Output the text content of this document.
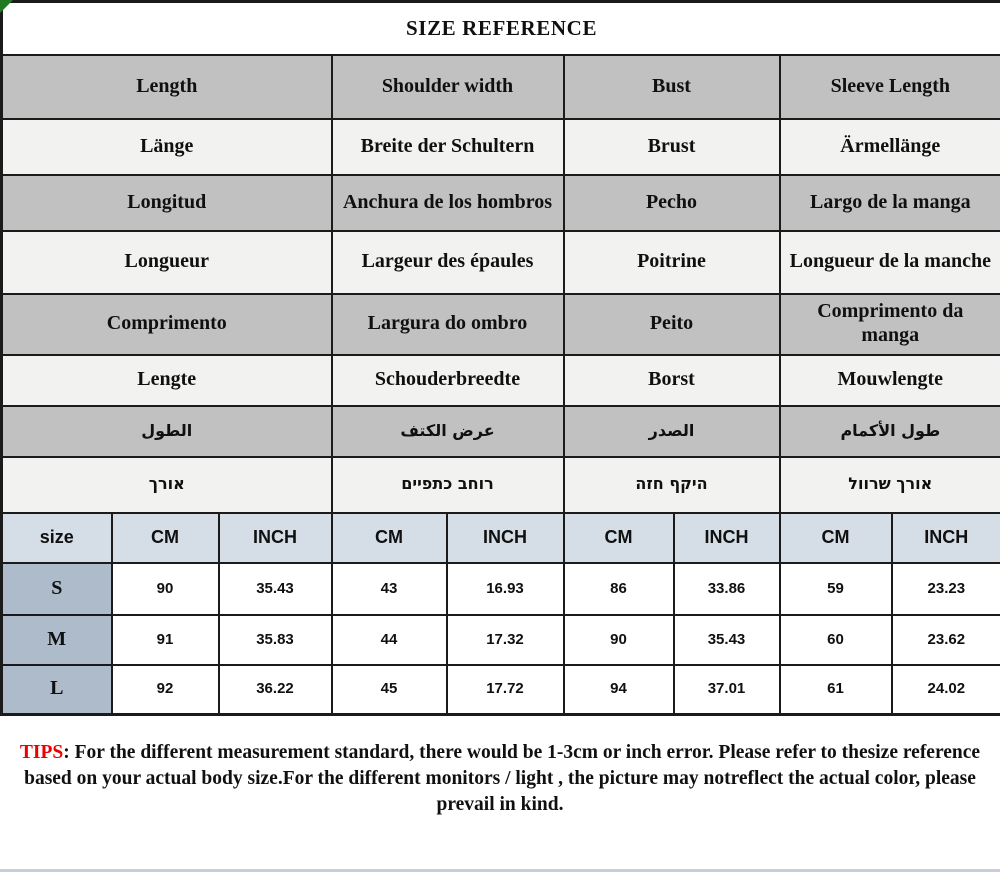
SIZE REFERENCE								
Length			Shoulder width		Bust		Sleeve Length	
Länge			Breite der Schultern		Brust		Ärmellänge	
Longitud			Anchura de los hombros		Pecho		Largo de la manga	
Longueur			Largeur des épaules		Poitrine		Longueur de la manche	
Comprimento			Largura do ombro		Peito		Comprimento da manga	
Lengte			Schouderbreedte		Borst		Mouwlengte	
الطول			عرض الكتف		الصدر		طول الأكمام	
אורך			רוחב כתפיים		היקף חזה		אורך שרוול	
size	CM	INCH	CM	INCH	CM	INCH	CM	INCH
S	90	35.43	43	16.93	86	33.86	59	23.23
M	91	35.83	44	17.32	90	35.43	60	23.62
L	92	36.22	45	17.72	94	37.01	61	24.02
TIPS: For the different measurement standard, there would be 1-3cm or inch error. Please refer to thesize reference based on your actual body size.For the different monitors / light , the picture may notreflect the actual color, please prevail in kind.
